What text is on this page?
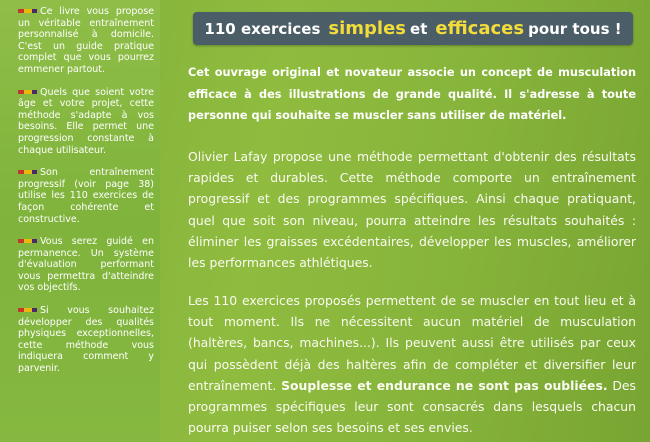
Ce livre vous propose un véritable entraînement personnalisé à domicile. C'est un guide pratique complet que vous pourrez emmener partout.
Quels que soient votre âge et votre projet, cette méthode s'adapte à vos besoins. Elle permet une progression constante à chaque utilisateur.
Son entraînement progressif (voir page 38) utilise les 110 exercices de façon cohérente et constructive.
Vous serez guidé en permanence. Un système d'évaluation performant vous permettra d'atteindre vos objectifs.
Si vous souhaitez développer des qualités physiques exceptionnelles, cette méthode vous indiquera comment y parvenir.
110 exercices simples et efficaces pour tous !
Cet ouvrage original et novateur associe un concept de musculation efficace à des illustrations de grande qualité. Il s'adresse à toute personne qui souhaite se muscler sans utiliser de matériel.
Olivier Lafay propose une méthode permettant d'obtenir des résultats rapides et durables. Cette méthode comporte un entraînement progressif et des programmes spécifiques. Ainsi chaque pratiquant, quel que soit son niveau, pourra atteindre les résultats souhaités : éliminer les graisses excédentaires, développer les muscles, améliorer les performances athlétiques.
Les 110 exercices proposés permettent de se muscler en tout lieu et à tout moment. Ils ne nécessitent aucun matériel de musculation (haltères, bancs, machines...). Ils peuvent aussi être utilisés par ceux qui possèdent déjà des haltères afin de compléter et diversifier leur entraînement. Souplesse et endurance ne sont pas oubliées. Des programmes spécifiques leur sont consacrés dans lesquels chacun pourra puiser selon ses besoins et ses envies.
